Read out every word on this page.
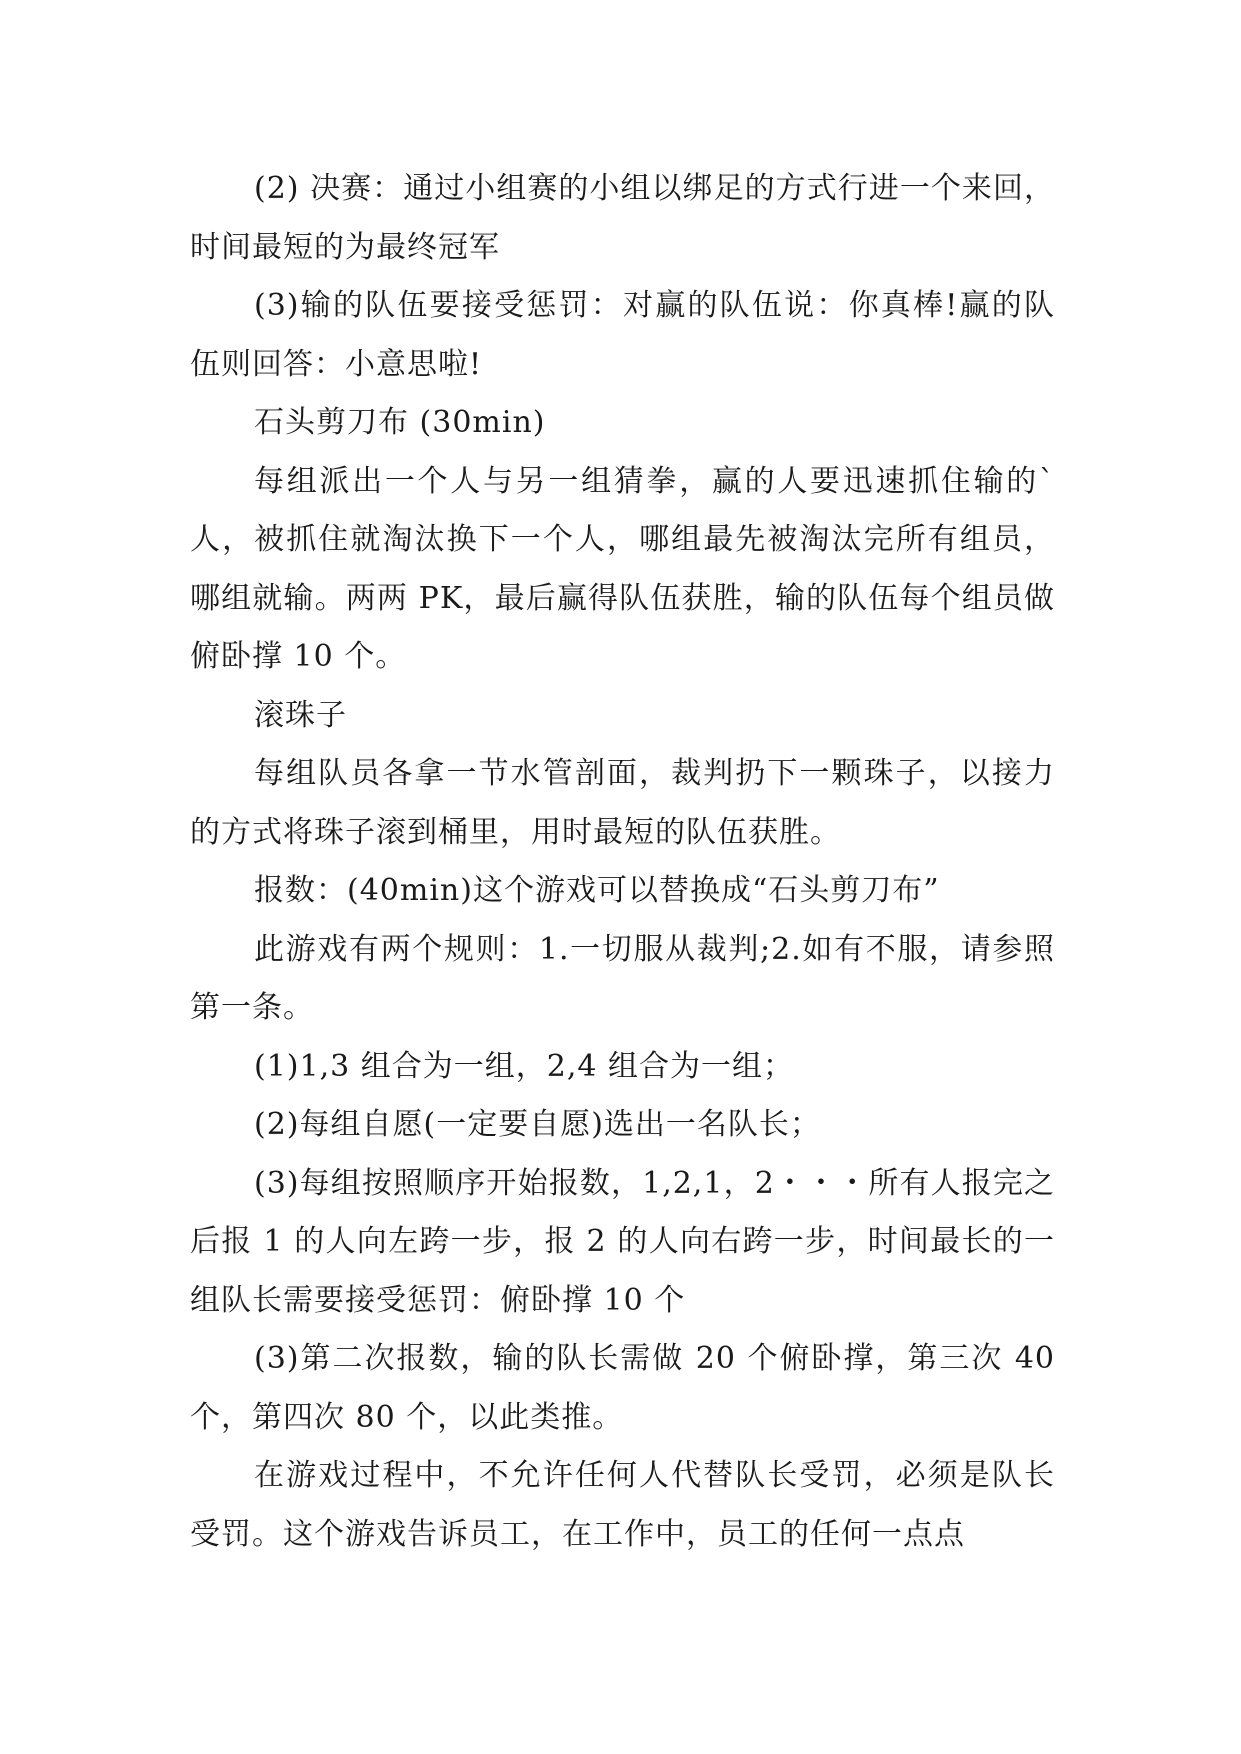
(2) 决赛：通过小组赛的小组以绑足的方式行进一个来回，时间最短的为最终冠军

(3)输的队伍要接受惩罚：对赢的队伍说：你真棒!赢的队伍则回答：小意思啦!

石头剪刀布 (30min)

每组派出一个人与另一组猜拳，赢的人要迅速抓住输的`人，被抓住就淘汰换下一个人，哪组最先被淘汰完所有组员，哪组就输。两两 PK，最后赢得队伍获胜，输的队伍每个组员做俯卧撑 10 个。

滚珠子

每组队员各拿一节水管剖面，裁判扔下一颗珠子，以接力的方式将珠子滚到桶里，用时最短的队伍获胜。

报数：(40min)这个游戏可以替换成“石头剪刀布”

此游戏有两个规则：1.一切服从裁判;2.如有不服，请参照第一条。

(1)1,3 组合为一组，2,4 组合为一组；

(2)每组自愿(一定要自愿)选出一名队长；

(3)每组按照顺序开始报数，1,2,1，2・・・所有人报完之后报 1 的人向左跨一步，报 2 的人向右跨一步，时间最长的一组队长需要接受惩罚：俯卧撑 10 个

(3)第二次报数，输的队长需做 20 个俯卧撑，第三次 40 个，第四次 80 个，以此类推。

在游戏过程中，不允许任何人代替队长受罚，必须是队长受罚。这个游戏告诉员工，在工作中，员工的任何一点点
